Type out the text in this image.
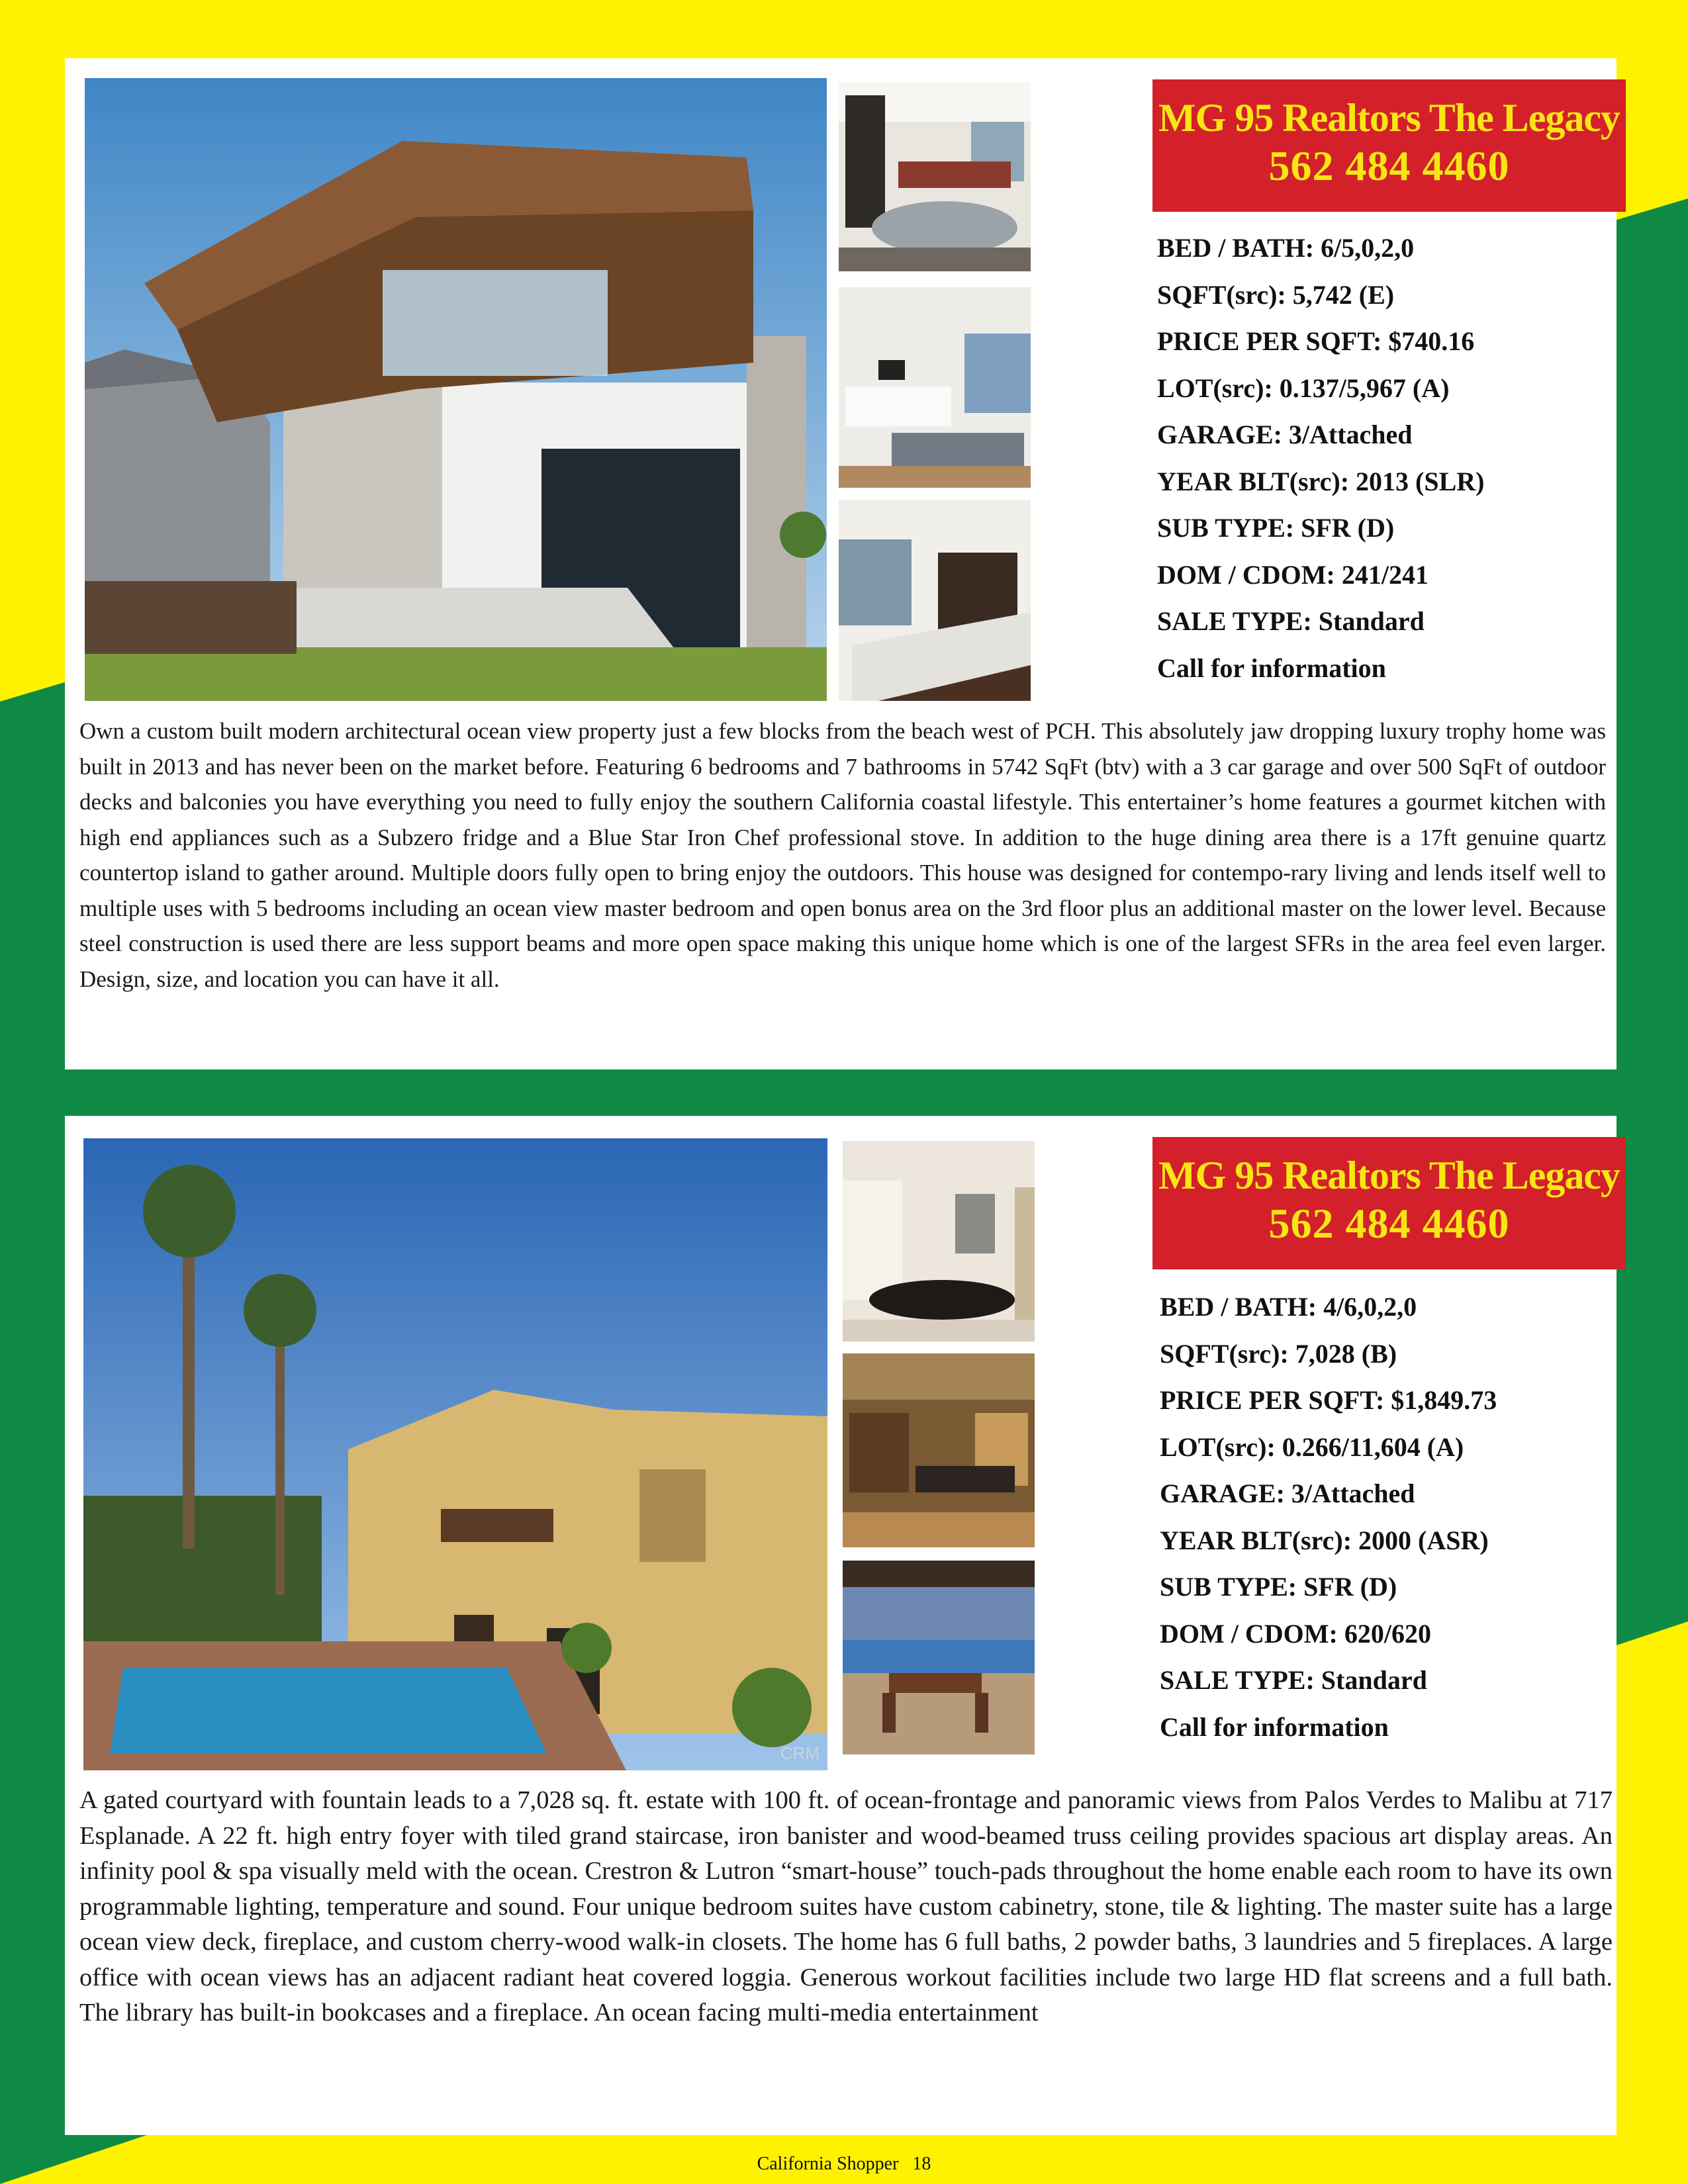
MG 95 Realtors The Legacy
562 484 4460
BED / BATH: 6/5,0,2,0
SQFT(src): 5,742 (E)
PRICE PER SQFT: $740.16
LOT(src): 0.137/5,967 (A)
GARAGE: 3/Attached
YEAR BLT(src): 2013 (SLR)
SUB TYPE: SFR (D)
DOM / CDOM: 241/241
SALE TYPE: Standard
Call for information

Own a custom built modern architectural ocean view property just a few blocks from the beach west of PCH. This absolutely jaw dropping luxury trophy home was built in 2013 and has never been on the market before. Featuring 6 bedrooms and 7 bathrooms in 5742 SqFt (btv) with a 3 car garage and over 500 SqFt of outdoor decks and balconies you have everything you need to fully enjoy the southern California coastal lifestyle. This entertainer’s home features a gourmet kitchen with high end appliances such as a Subzero fridge and a Blue Star Iron Chef professional stove. In addition to the huge dining area there is a 17ft genuine quartz countertop island to gather around. Multiple doors fully open to bring enjoy the outdoors. This house was designed for contempo-rary living and lends itself well to multiple uses with 5 bedrooms including an ocean view master bedroom and open bonus area on the 3rd floor plus an additional master on the lower level. Because steel construction is used there are less support beams and more open space making this unique home which is one of the largest SFRs in the area feel even larger. Design, size, and location you can have it all.

CRM
MG 95 Realtors The Legacy
562 484 4460
BED / BATH: 4/6,0,2,0
SQFT(src): 7,028 (B)
PRICE PER SQFT: $1,849.73
LOT(src): 0.266/11,604 (A)
GARAGE: 3/Attached
YEAR BLT(src): 2000 (ASR)
SUB TYPE: SFR (D)
DOM / CDOM: 620/620
SALE TYPE: Standard
Call for information

A gated courtyard with fountain leads to a 7,028 sq. ft. estate with 100 ft. of ocean-frontage and panoramic views from Palos Verdes to Malibu at 717 Esplanade. A 22 ft. high entry foyer with tiled grand staircase, iron banister and wood-beamed truss ceiling provides spacious art display areas. An infinity pool & spa visually meld with the ocean. Crestron & Lutron “smart-house” touch-pads throughout the home enable each room to have its own programmable lighting, temperature and sound. Four unique bedroom suites have custom cabinetry, stone, tile & lighting. The master suite has a large ocean view deck, fireplace, and custom cherry-wood walk-in closets. The home has 6 full baths, 2 powder baths, 3 laundries and 5 fireplaces. A large office with ocean views has an adjacent radiant heat covered loggia. Generous workout facilities include two large HD flat screens and a full bath. The library has built-in bookcases and a fireplace. An ocean facing multi-media entertainment

California Shopper   18
